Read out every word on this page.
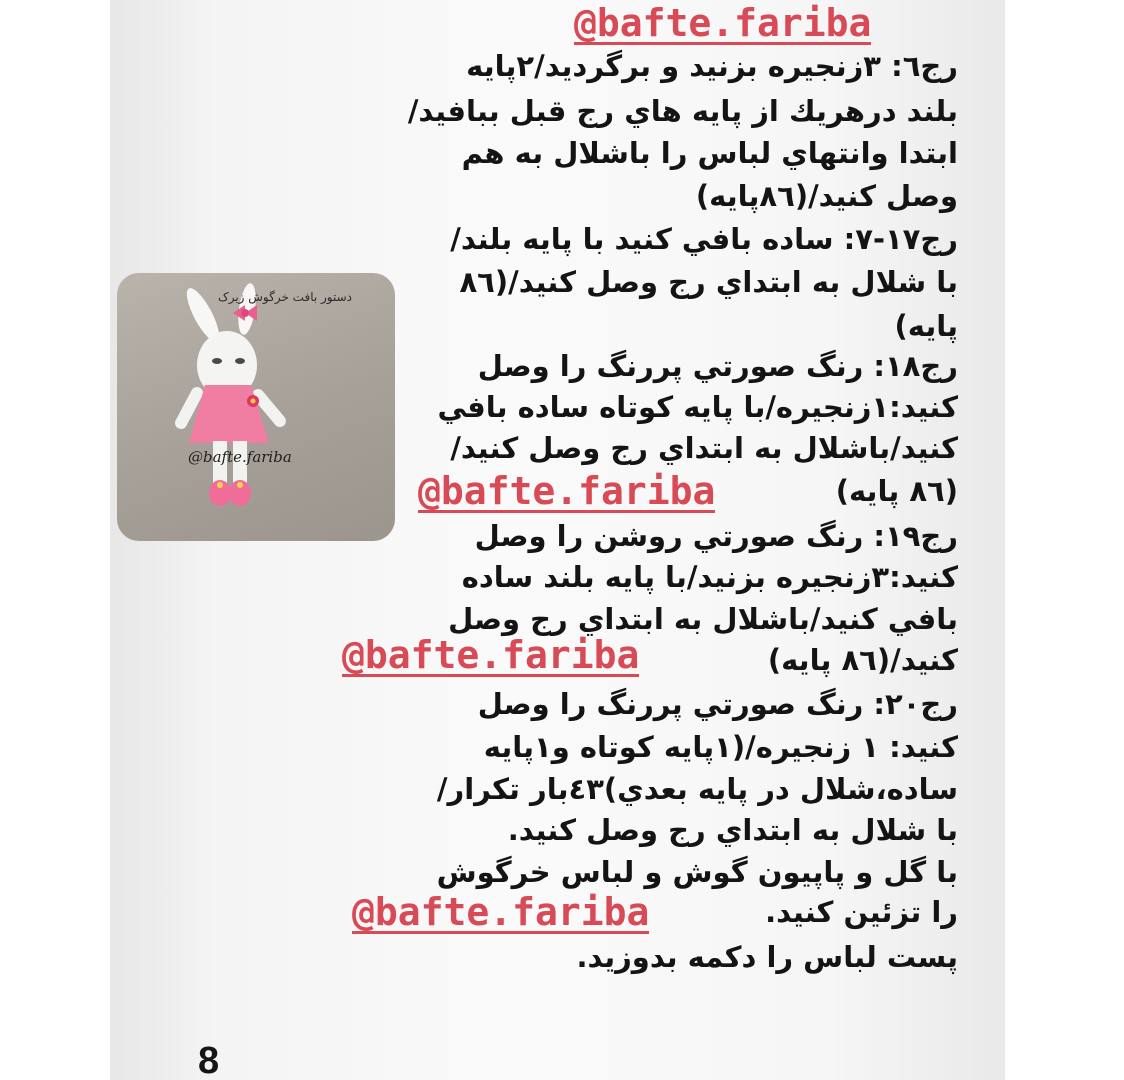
دستور بافت خرگوش زیرک
@bafte.fariba
@bafte.fariba
@bafte.fariba
@bafte.fariba
@bafte.fariba
رج٦: ٣زنجيره بزنيد و برگرديد/٢پايه
بلند درهريك از پايه هاي رج قبل ببافيد/
ابتدا وانتهاي لباس را باشلال به هم
وصل كنيد/(٨٦پايه)
رج١٧-٧: ساده بافي كنيد با پايه بلند/
با شلال به ابتداي رج وصل كنيد/(٨٦
پايه)
رج١٨: رنگ صورتي پررنگ را وصل
كنيد:١زنجيره/با پايه كوتاه ساده بافي
كنيد/باشلال به ابتداي رج وصل كنيد/
(٨٦ پايه)
رج١٩: رنگ صورتي روشن را وصل
كنيد:٣زنجيره بزنيد/با پايه بلند ساده
بافي كنيد/باشلال به ابتداي رج وصل
كنيد/(٨٦ پايه)
رج٢٠: رنگ صورتي پررنگ را وصل
كنيد: ١ زنجيره/(١پايه كوتاه و١پايه
ساده،شلال در پايه بعدي)٤٣بار تكرار/
با شلال به ابتداي رج وصل كنيد.
با گل و پاپيون گوش و لباس خرگوش
را تزئين كنيد.
پست لباس را دكمه بدوزيد.
8
